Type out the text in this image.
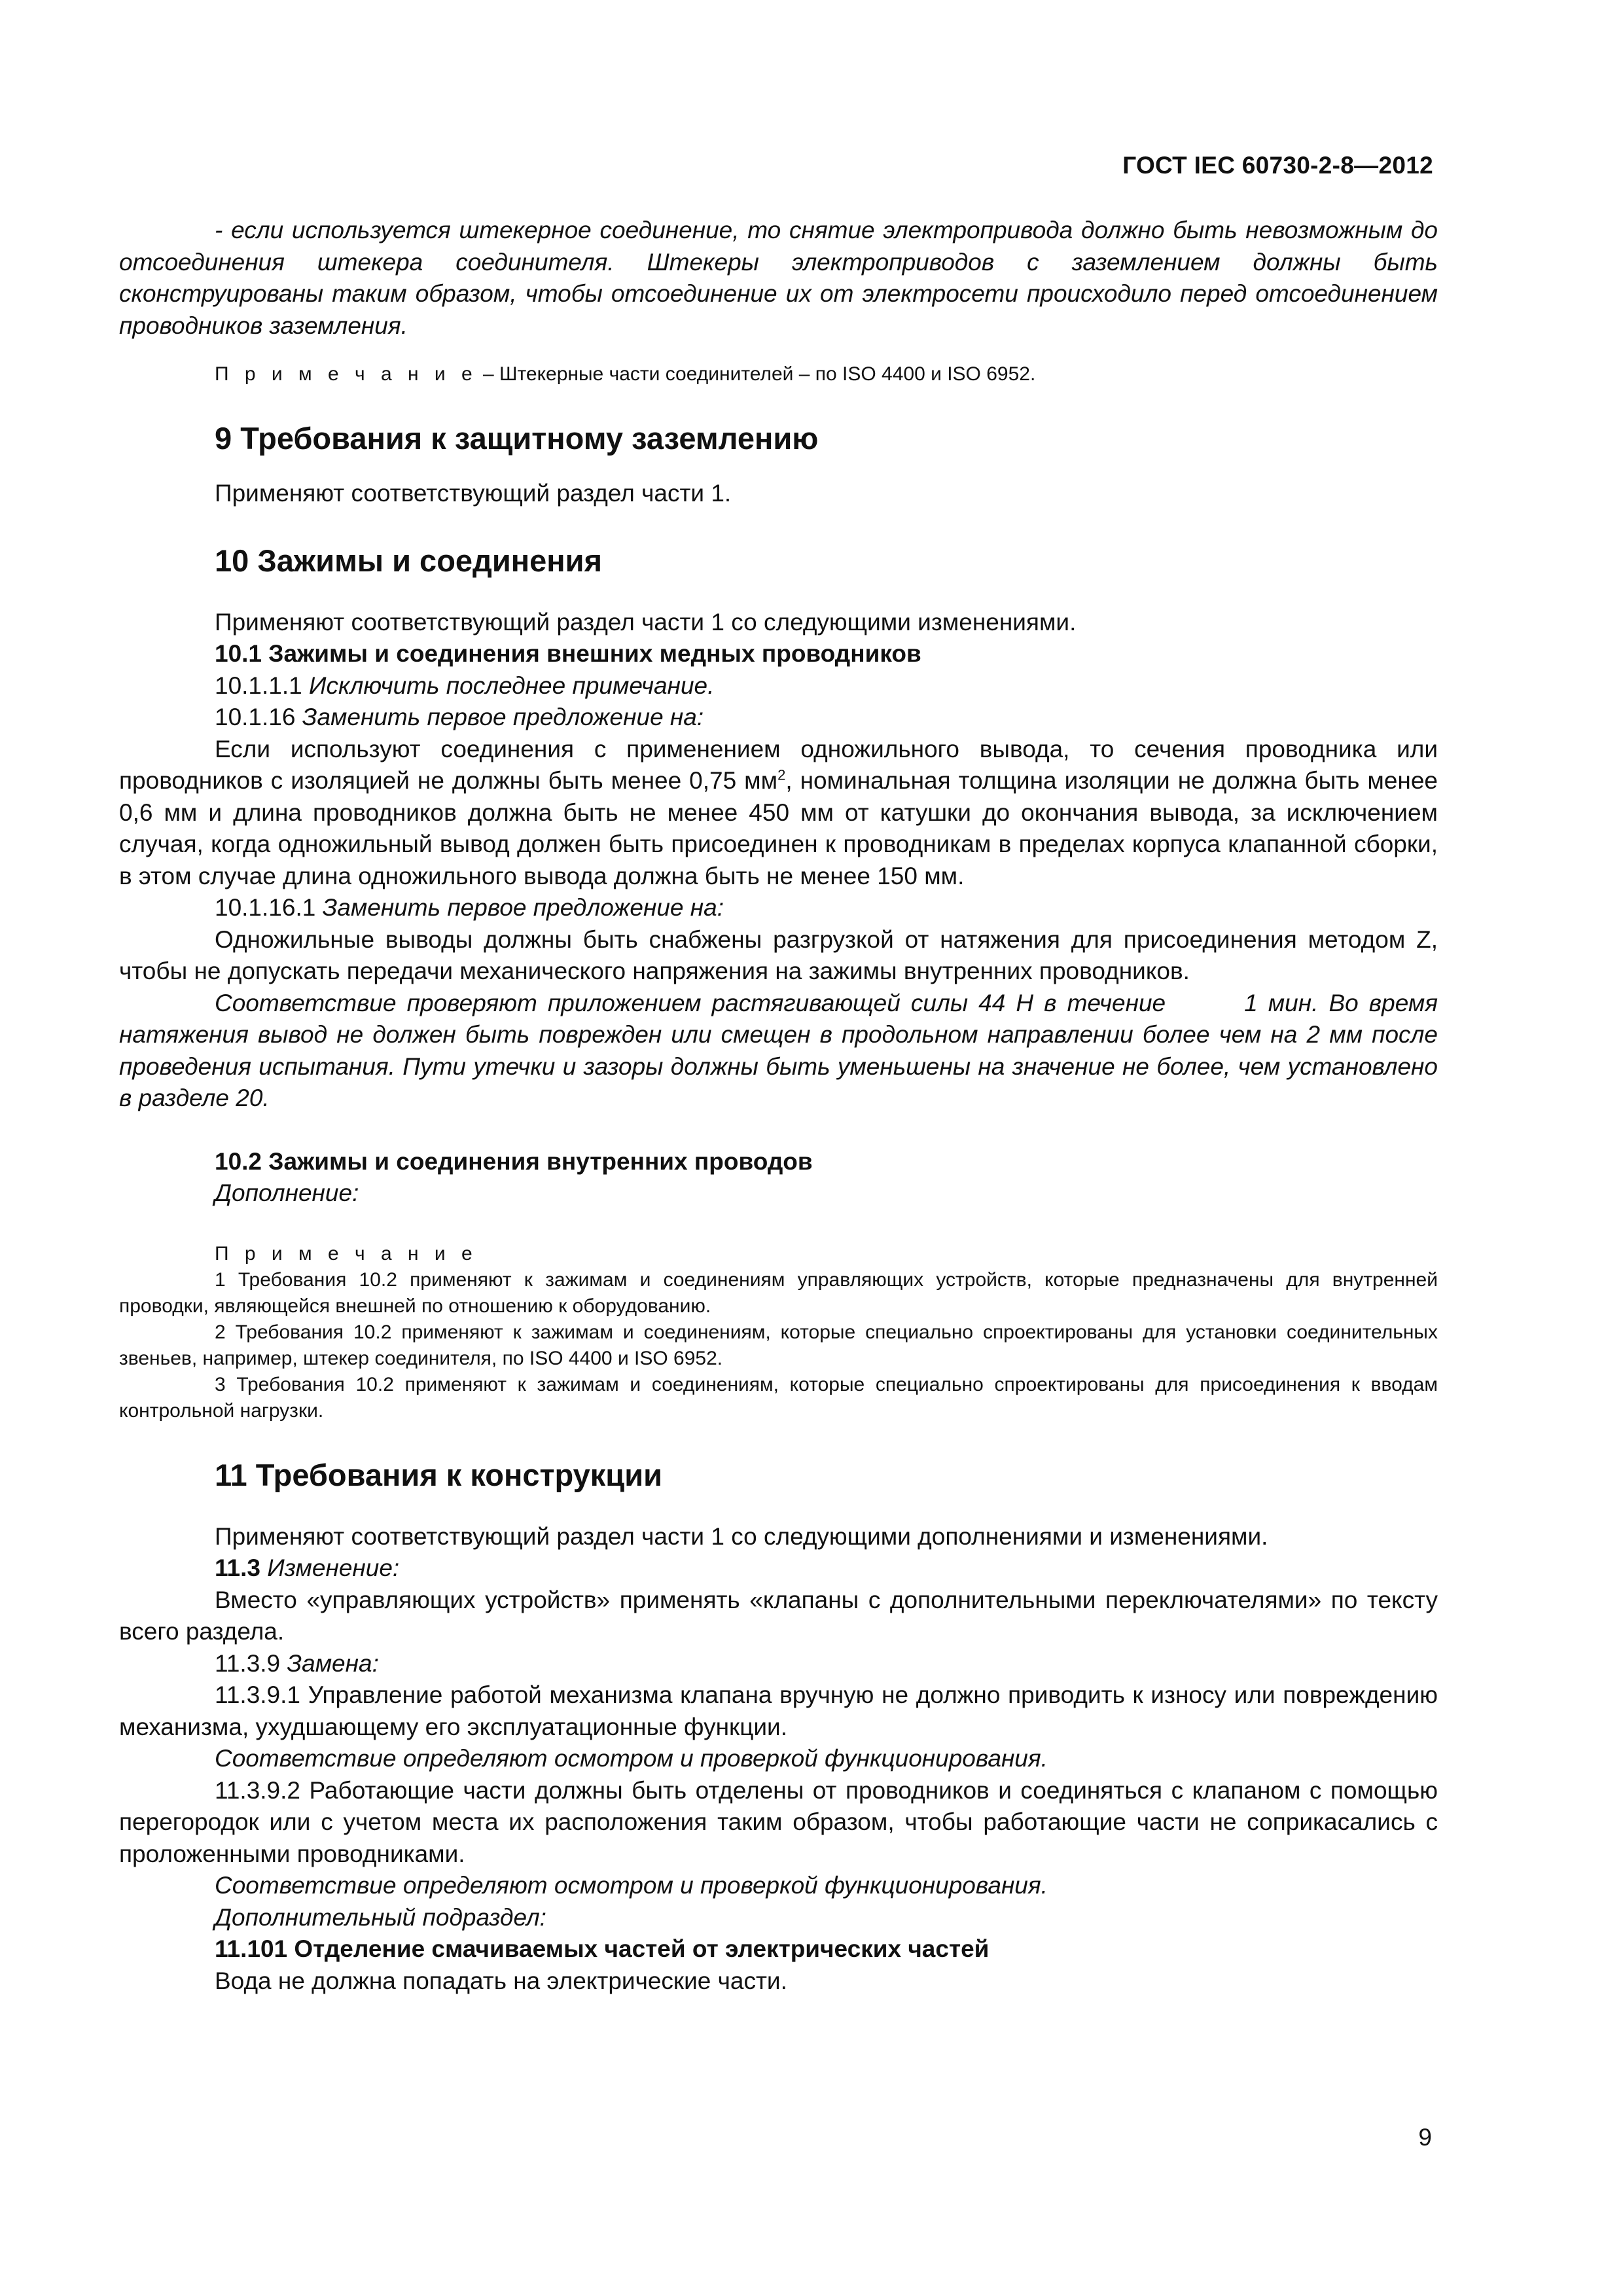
ГОСТ IEC 60730-2-8—2012

- если используется штекерное соединение, то снятие электропривода должно быть невозможным до отсоединения штекера соединителя. Штекеры электроприводов с заземлением должны быть сконструированы таким образом, чтобы отсоединение их от электросети происходило перед отсоединением проводников заземления.

П р и м е ч а н и е – Штекерные части соединителей – по ISO 4400 и ISO 6952.

9 Требования к защитному заземлению

Применяют соответствующий раздел части 1.

10 Зажимы и соединения

Применяют соответствующий раздел части 1 со следующими изменениями.

10.1 Зажимы и соединения внешних медных проводников

10.1.1.1 Исключить последнее примечание.

10.1.16 Заменить первое предложение на:

Если используют соединения с применением одножильного вывода, то сечения проводника или проводников с изоляцией не должны быть менее 0,75 $мм^2$, номинальная толщина изоляции не должна быть менее 0,6 мм и длина проводников должна быть не менее 450 мм от катушки до окончания вывода, за исключением случая, когда одножильный вывод должен быть присоединен к проводникам в пределах корпуса клапанной сборки, в этом случае длина одножильного вывода должна быть не менее 150 мм.

10.1.16.1 Заменить первое предложение на:

Одножильные выводы должны быть снабжены разгрузкой от натяжения для присоединения методом Z, чтобы не допускать передачи механического напряжения на зажимы внутренних проводников.

Соответствие проверяют приложением растягивающей силы 44 Н в течение	1 мин. Во время натяжения вывод не должен быть поврежден или смещен в продольном направлении более чем на 2 мм после проведения испытания. Пути утечки и зазоры должны быть уменьшены на значение не более, чем установлено в разделе 20.

10.2 Зажимы и соединения внутренних проводов

Дополнение:

П р и м е ч а н и е

1 Требования 10.2 применяют к зажимам и соединениям управляющих устройств, которые предназначены для внутренней проводки, являющейся внешней по отношению к оборудованию.

2 Требования 10.2 применяют к зажимам и соединениям, которые специально спроектированы для установки соединительных звеньев, например, штекер соединителя, по ISO 4400 и ISO 6952.

3 Требования 10.2 применяют к зажимам и соединениям, которые специально спроектированы для присоединения к вводам контрольной нагрузки.

11 Требования к конструкции

Применяют соответствующий раздел части 1 со следующими дополнениями и изменениями.

11.3 Изменение:

Вместо «управляющих устройств» применять «клапаны с дополнительными переключателями» по тексту всего раздела.

11.3.9 Замена:

11.3.9.1 Управление работой механизма клапана вручную не должно приводить к износу или повреждению механизма, ухудшающему его эксплуатационные функции.

Соответствие определяют осмотром и проверкой функционирования.

11.3.9.2 Работающие части должны быть отделены от проводников и соединяться с клапаном с помощью перегородок или с учетом места их расположения таким образом, чтобы работающие части не соприкасались с проложенными проводниками.

Соответствие определяют осмотром и проверкой функционирования.

Дополнительный подраздел:

11.101 Отделение смачиваемых частей от электрических частей

Вода не должна попадать на электрические части.

9
